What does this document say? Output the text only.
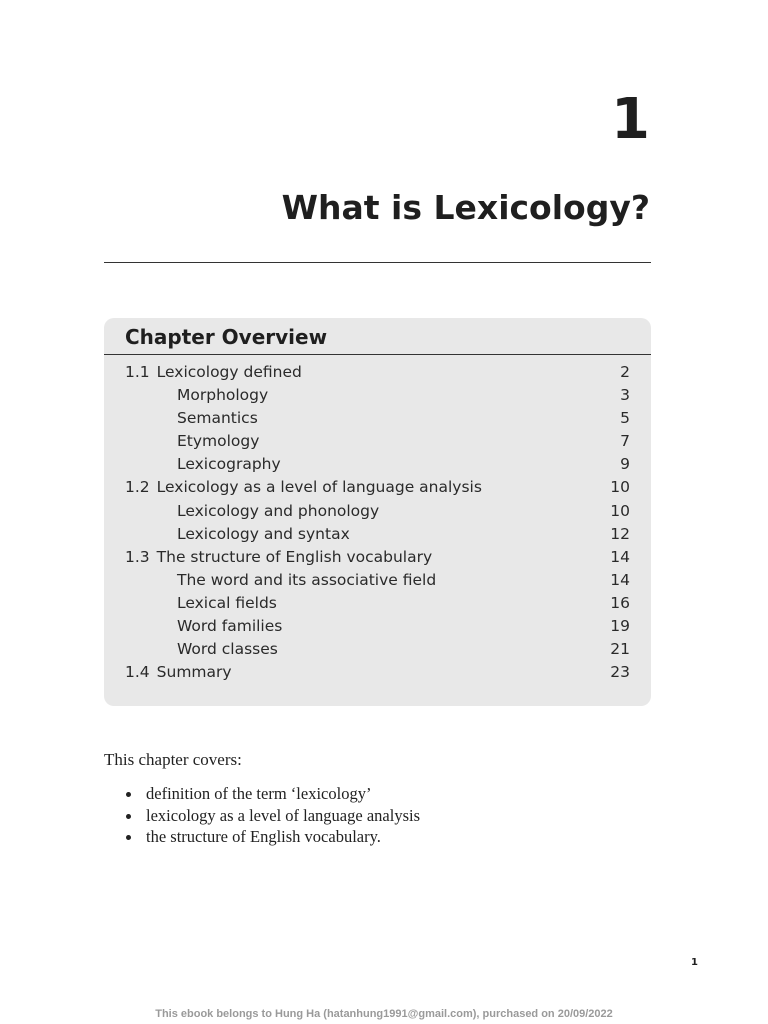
1
What is Lexicology?
Chapter Overview
1.1 Lexicology defined	2
Morphology	3
Semantics	5
Etymology	7
Lexicography	9
1.2 Lexicology as a level of language analysis	10
Lexicology and phonology	10
Lexicology and syntax	12
1.3 The structure of English vocabulary	14
The word and its associative field	14
Lexical fields	16
Word families	19
Word classes	21
1.4 Summary	23

This chapter covers:

definition of the term ‘lexicology’
lexicology as a level of language analysis
the structure of English vocabulary.
1
This ebook belongs to Hung Ha (hatanhung1991@gmail.com), purchased on 20/09/2022
